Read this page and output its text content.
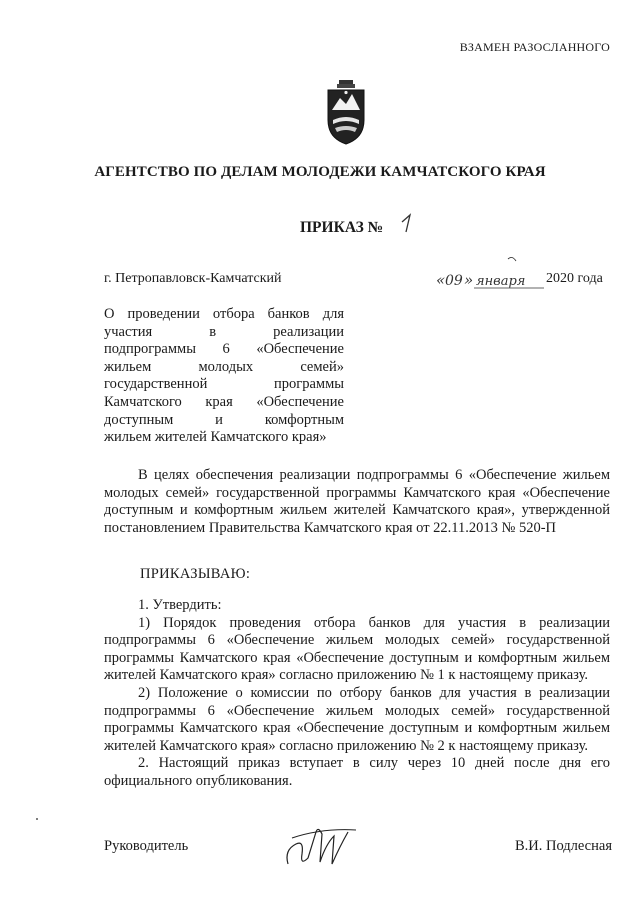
ВЗАМЕН РАЗОСЛАННОГО
АГЕНТСТВО ПО ДЕЛАМ МОЛОДЕЖИ КАМЧАТСКОГО КРАЯ
ПРИКАЗ №
1
г. Петропавловск-Камчатский	« 09 » января 2020 года
О проведении отбора банков для
участия в реализации
подпрограммы 6 «Обеспечение
жильем молодых семей»
государственной программы
Камчатского края «Обеспечение
доступным и комфортным
жильем жителей Камчатского края»
В целях обеспечения реализации подпрограммы 6 «Обеспечение жильем молодых семей» государственной программы Камчатского края «Обеспечение доступным и комфортным жильем жителей Камчатского края», утвержденной постановлением Правительства Камчатского края от 22.11.2013 № 520-П
ПРИКАЗЫВАЮ:
1. Утвердить:

1) Порядок проведения отбора банков для участия в реализации подпрограммы 6 «Обеспечение жильем молодых семей» государственной программы Камчатского края «Обеспечение доступным и комфортным жильем жителей Камчатского края» согласно приложению № 1 к настоящему приказу.

2) Положение о комиссии по отбору банков для участия в реализации подпрограммы 6 «Обеспечение жильем молодых семей» государственной программы Камчатского края «Обеспечение доступным и комфортным жильем жителей Камчатского края» согласно приложению № 2 к настоящему приказу.

2. Настоящий приказ вступает в силу через 10 дней после дня его официального опубликования.

Руководитель	В.И. Подлесная
